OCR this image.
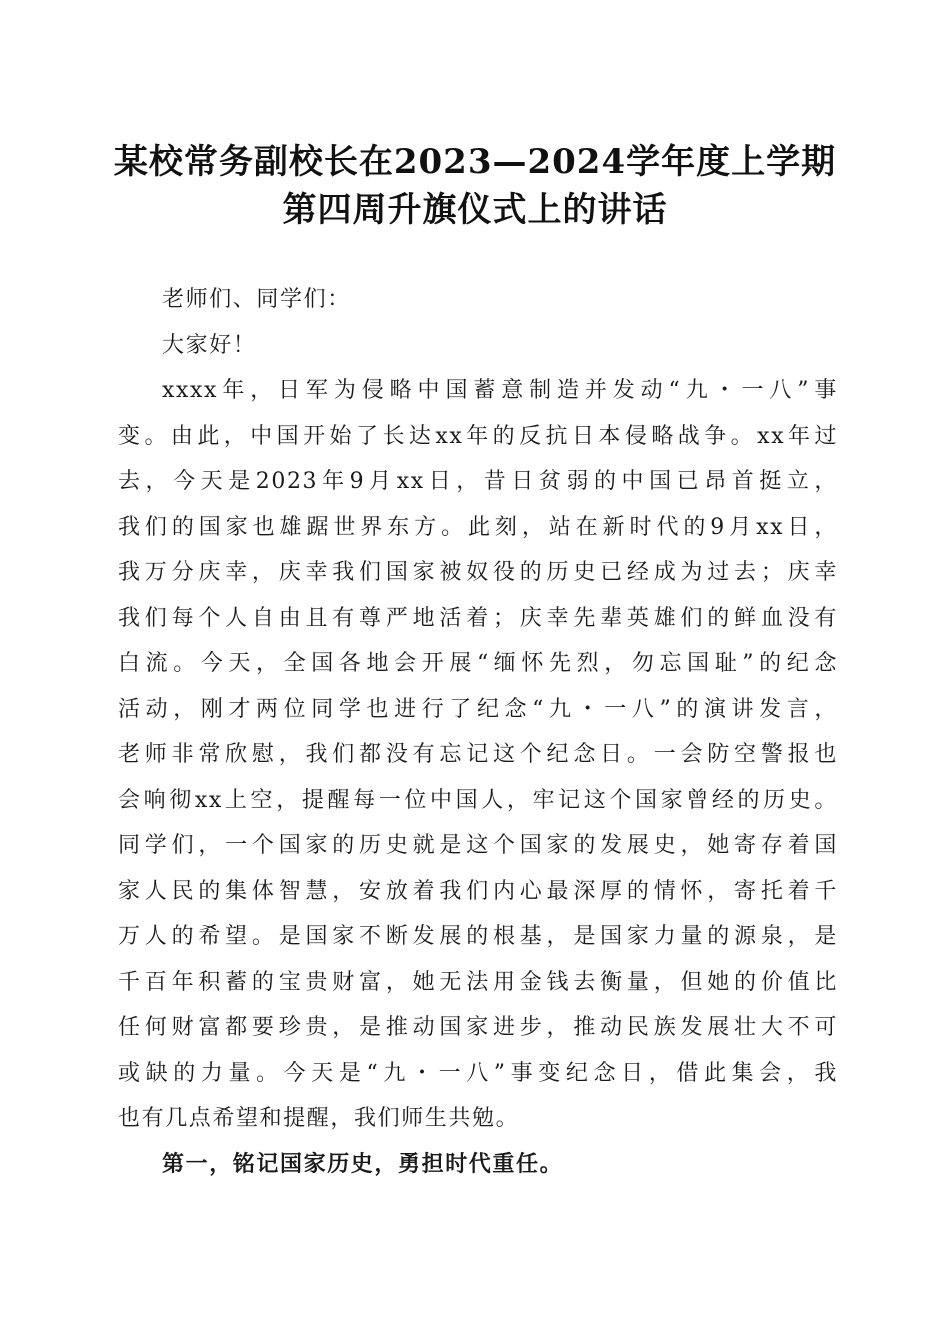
某校常务副校长在2023—2024学年度上学期
第四周升旗仪式上的讲话

老师们、同学们：

大家好！

xxxx年，日军为侵略中国蓄意制造并发动“九・一八”事
变。由此，中国开始了长达xx年的反抗日本侵略战争。xx年过
去，今天是2023年9月xx日，昔日贫弱的中国已昂首挺立，
我们的国家也雄踞世界东方。此刻，站在新时代的9月xx日，
我万分庆幸，庆幸我们国家被奴役的历史已经成为过去；庆幸
我们每个人自由且有尊严地活着；庆幸先辈英雄们的鲜血没有
白流。今天，全国各地会开展“缅怀先烈，勿忘国耻”的纪念
活动，刚才两位同学也进行了纪念“九・一八”的演讲发言，
老师非常欣慰，我们都没有忘记这个纪念日。一会防空警报也
会响彻xx上空，提醒每一位中国人，牢记这个国家曾经的历史。
同学们，一个国家的历史就是这个国家的发展史，她寄存着国
家人民的集体智慧，安放着我们内心最深厚的情怀，寄托着千
万人的希望。是国家不断发展的根基，是国家力量的源泉，是
千百年积蓄的宝贵财富，她无法用金钱去衡量，但她的价值比
任何财富都要珍贵，是推动国家进步，推动民族发展壮大不可
或缺的力量。今天是“九・一八”事变纪念日，借此集会，我
也有几点希望和提醒，我们师生共勉。

第一，铭记国家历史，勇担时代重任。
